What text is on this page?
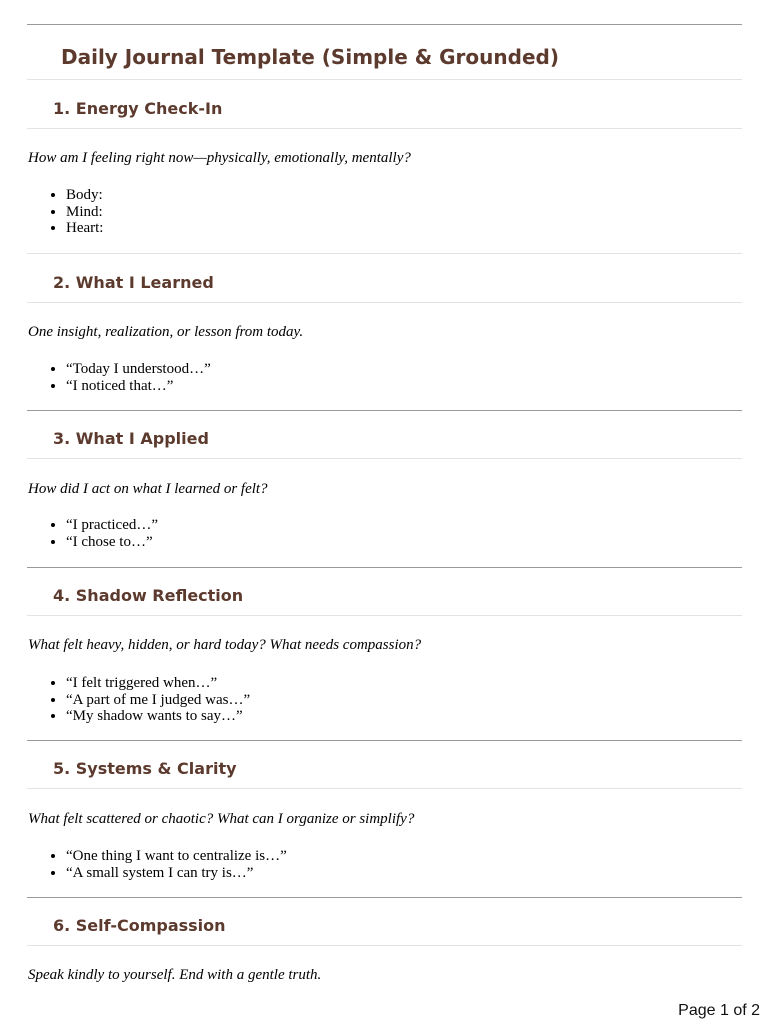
Daily Journal Template (Simple & Grounded)
1. Energy Check-In

How am I feeling right now—physically, emotionally, mentally?

• Body:
• Mind:
• Heart:
2. What I Learned

One insight, realization, or lesson from today.

• “Today I understood…”
• “I noticed that…”
3. What I Applied

How did I act on what I learned or felt?

• “I practiced…”
• “I chose to…”
4. Shadow Reflection

What felt heavy, hidden, or hard today? What needs compassion?

• “I felt triggered when…”
• “A part of me I judged was…”
• “My shadow wants to say…”
5. Systems & Clarity

What felt scattered or chaotic? What can I organize or simplify?

• “One thing I want to centralize is…”
• “A small system I can try is…”
6. Self-Compassion

Speak kindly to yourself. End with a gentle truth.

Page 1 of 2
